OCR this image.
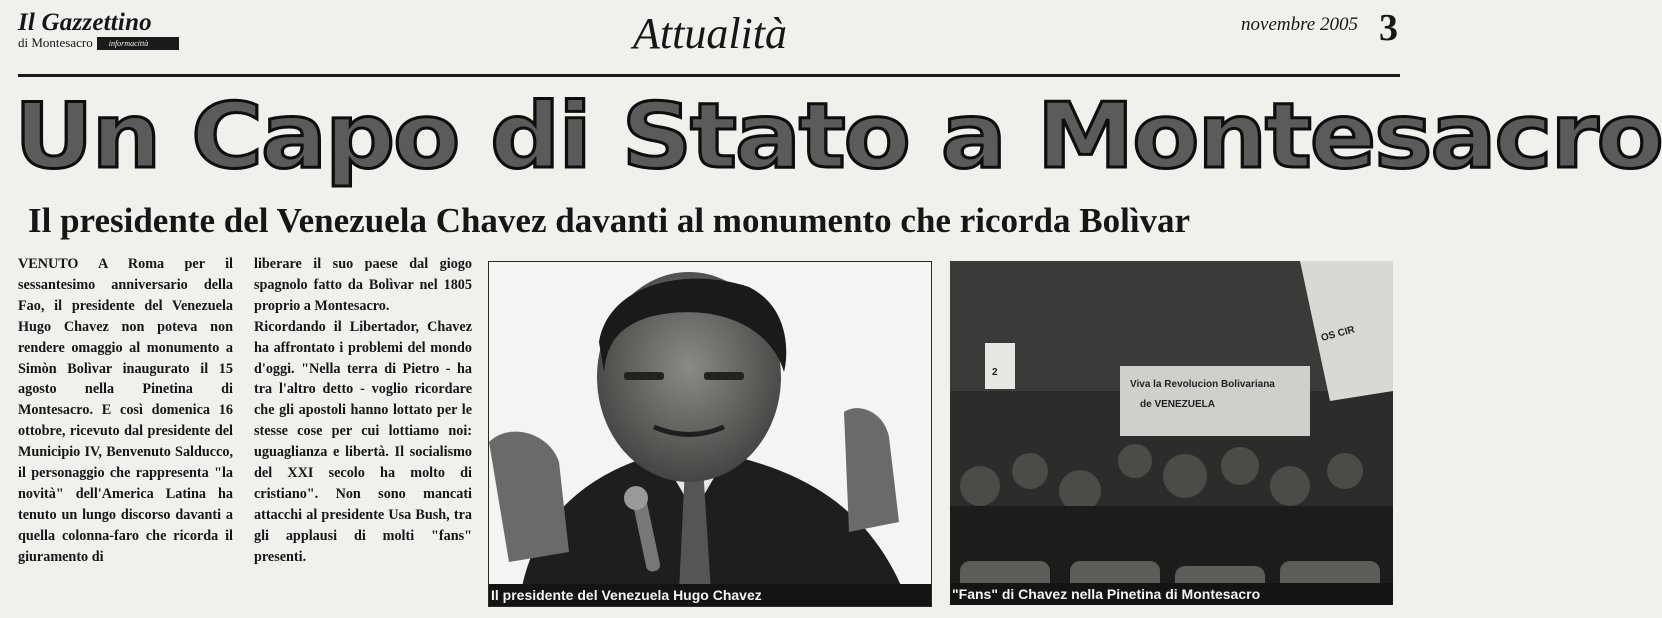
Il Gazzettino
di Montesacro	informacittà	Attualità	novembre 2005 3
Un Capo di Stato a Montesacro
Il presidente del Venezuela Chavez davanti al monumento che ricorda Bolìvar
VENUTO A Roma per il sessantesimo anniversario della Fao, il presidente del Venezuela Hugo Chavez non poteva non rendere omaggio al monumento a Simòn Bolìvar inaugurato il 15 agosto nella Pinetina di Montesacro. E così domenica 16 ottobre, ricevuto dal presidente del Municipio IV, Benvenuto Salducco, il personaggio che rappresenta "la novità" dell'America Latina ha tenuto un lungo discorso davanti a quella colonna-faro che ricorda il giuramento di
liberare il suo paese dal giogo spagnolo fatto da Bolìvar nel 1805 proprio a Montesacro.
Ricordando il Libertador, Chavez ha affrontato i problemi del mondo d'oggi. "Nella terra di Pietro - ha tra l'altro detto - voglio ricordare che gli apostoli hanno lottato per le stesse cose per cui lottiamo noi: uguaglianza e libertà. Il socialismo del XXI secolo ha molto di cristiano". Non sono mancati attacchi al presidente Usa Bush, tra gli applausi di molti "fans" presenti.
Il presidente del Venezuela Hugo Chavez
Viva la Revolucion Bolivariana
de VENEZUELA
2
OS CIR
"Fans" di Chavez nella Pinetina di Montesacro
